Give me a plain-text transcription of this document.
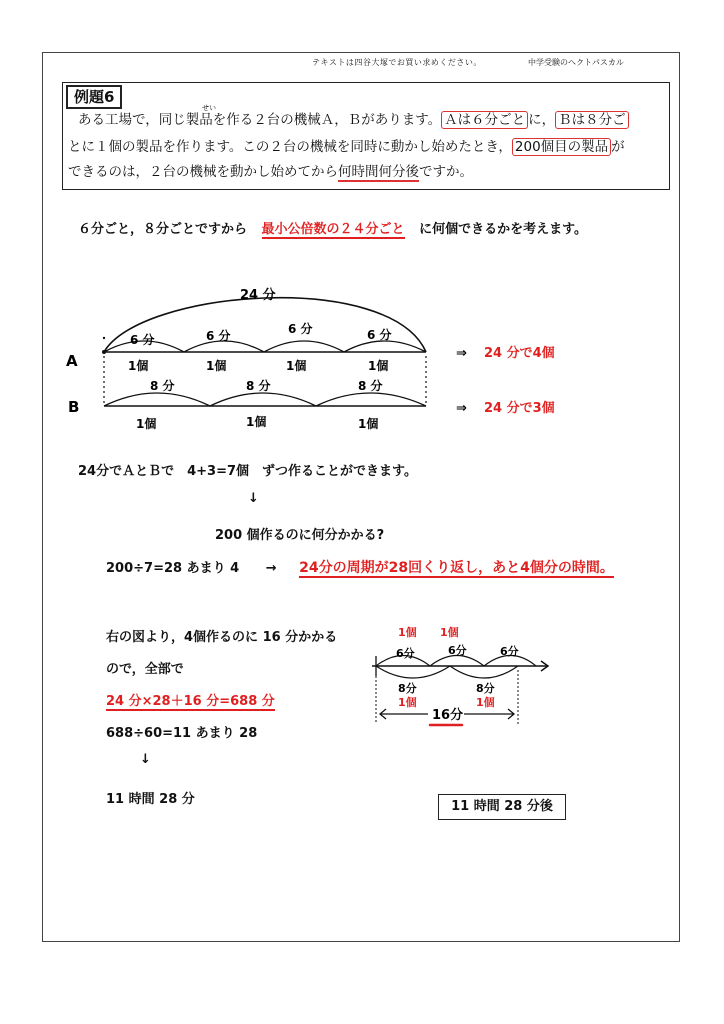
テキストは四谷大塚でお買い求めください。	中学受験のヘクトパスカル
例題6
せい
ある工場で，同じ製品を作る２台の機械Ａ，Ｂがあります。 Ａは６分ごと に， Ｂは８分ご
とに１個の製品を作ります。この２台の機械を同時に動かし始めたとき， 200個目の製品 が
できるのは，２台の機械を動かし始めてから何時間何分後ですか。
６分ごと，８分ごとですから 最小公倍数の２４分ごと に何個できるかを考えます。
24 分
A
6 分	6 分	6 分	6 分
1個	1個	1個	1個
B
8 分	8 分	8 分
1個	1個	1個
⇒ 24 分で4個
⇒ 24 分で3個
1個 1個
6分	6分	6分
8分	8分
1個	1個
16分
24分でＡとＢで　4+3=7個　ずつ作ることができます。
↓
200 個作るのに何分かかる?
200÷7=28 あまり 4 → 24分の周期が28回くり返し，あと4個分の時間。
右の図より，4個作るのに 16 分かかる
ので，全部で
24 分×28＋16 分=688 分
688÷60=11 あまり 28
↓
11 時間 28 分	11 時間 28 分後
